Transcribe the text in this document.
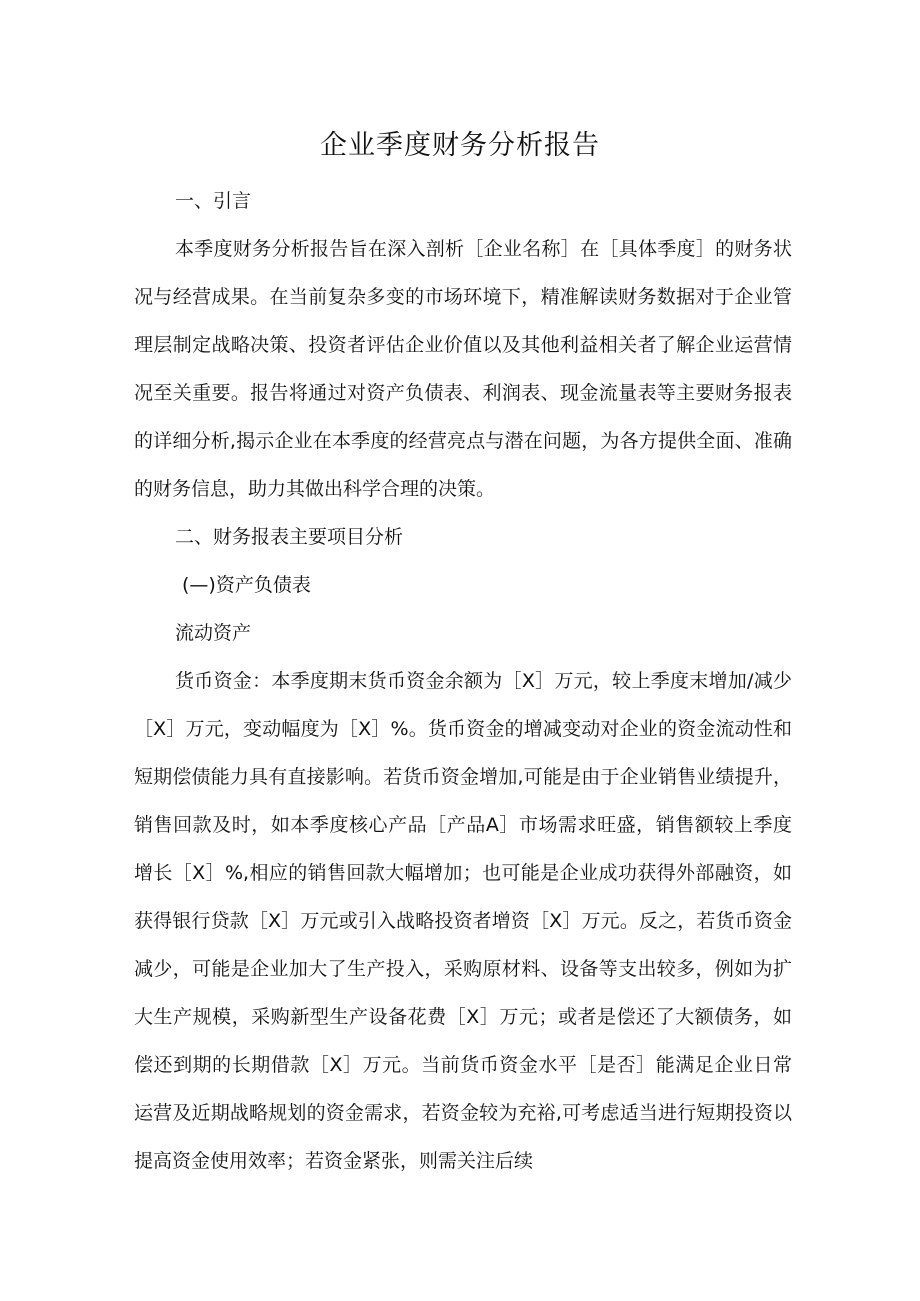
企业季度财务分析报告

一、引言

本季度财务分析报告旨在深入剖析［企业名称］在［具体季度］的财务状况与经营成果。在当前复杂多变的市场环境下，精准解读财务数据对于企业管理层制定战略决策、投资者评估企业价值以及其他利益相关者了解企业运营情况至关重要。报告将通过对资产负债表、利润表、现金流量表等主要财务报表的详细分析,揭示企业在本季度的经营亮点与潜在问题，为各方提供全面、准确的财务信息，助力其做出科学合理的决策。

二、财务报表主要项目分析

(—)资产负债表

流动资产

货币资金：本季度期末货币资金余额为［X］万元，较上季度末增加/减少［X］万元，变动幅度为［X］%。货币资金的增减变动对企业的资金流动性和短期偿债能力具有直接影响。若货币资金增加,可能是由于企业销售业绩提升，销售回款及时，如本季度核心产品［产品A］市场需求旺盛，销售额较上季度增长［X］%,相应的销售回款大幅增加；也可能是企业成功获得外部融资，如获得银行贷款［X］万元或引入战略投资者增资［X］万元。反之，若货币资金减少，可能是企业加大了生产投入，采购原材料、设备等支出较多，例如为扩大生产规模，采购新型生产设备花费［X］万元；或者是偿还了大额债务，如偿还到期的长期借款［X］万元。当前货币资金水平［是否］能满足企业日常运营及近期战略规划的资金需求，若资金较为充裕,可考虑适当进行短期投资以提高资金使用效率；若资金紧张，则需关注后续
